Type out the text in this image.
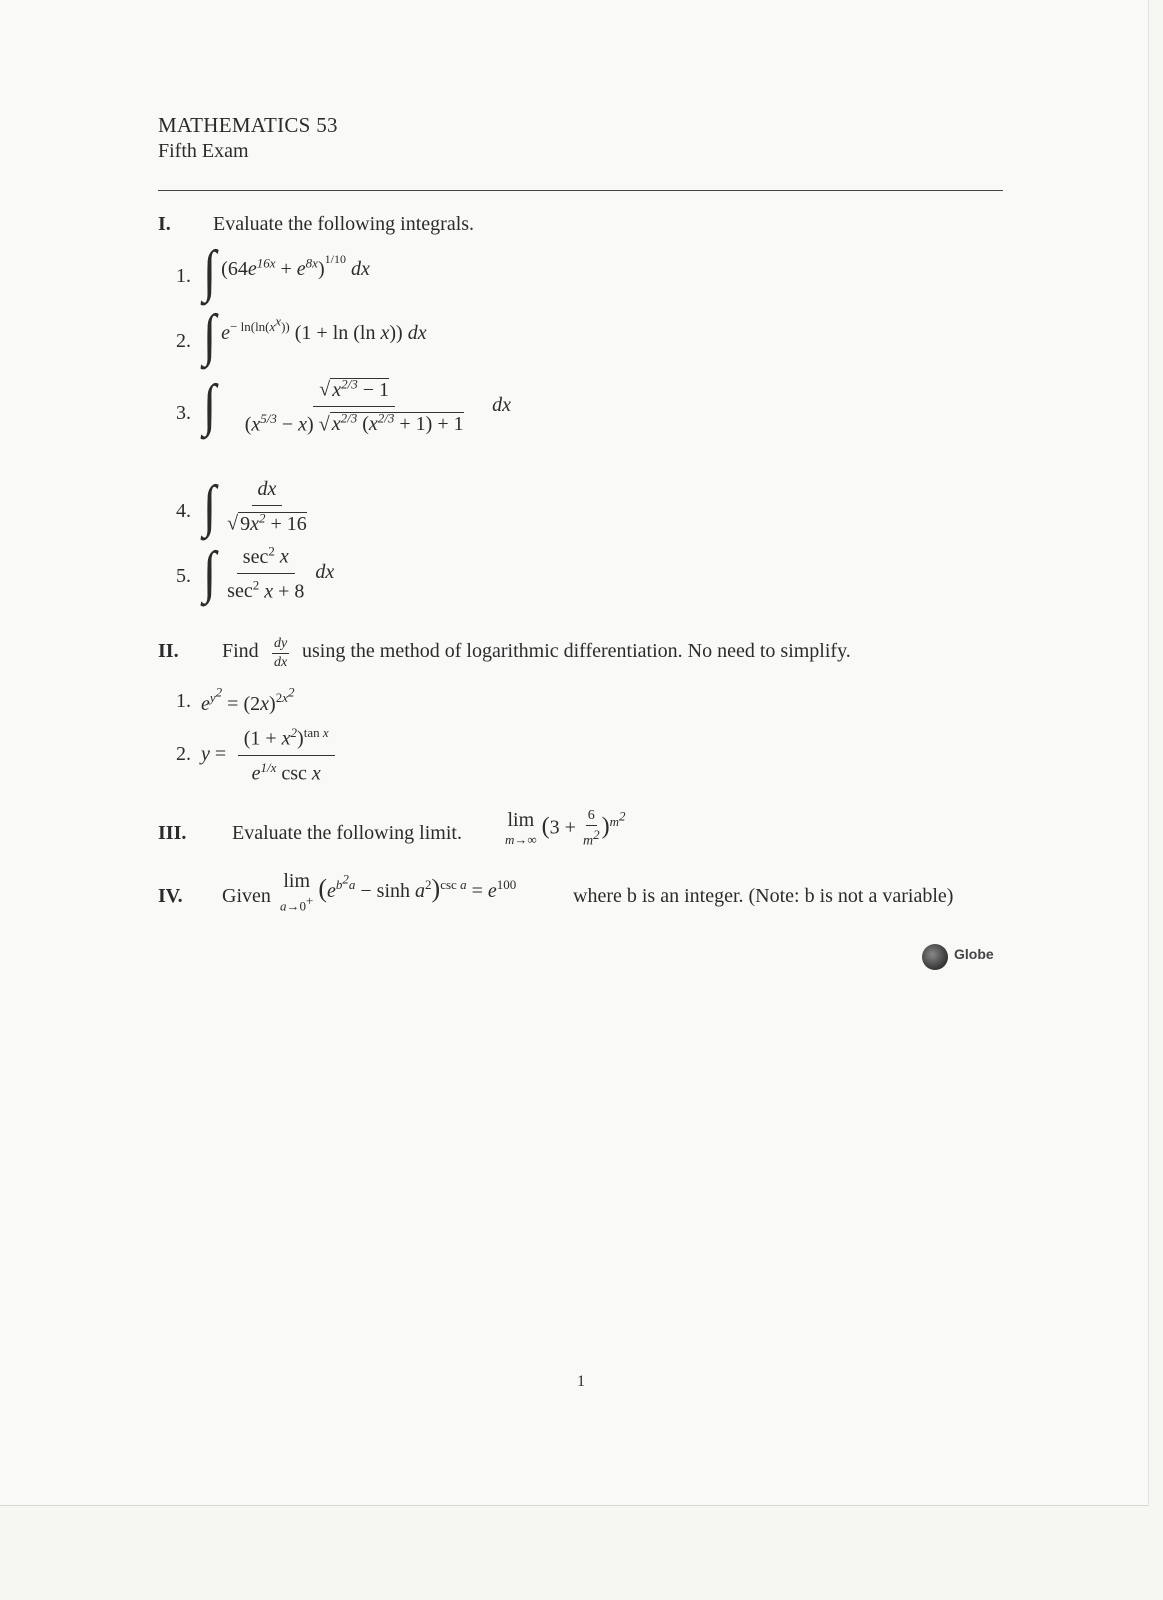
MATHEMATICS 53
Fifth Exam
I. Evaluate the following integrals.
1. ∫ $(64e^{16x} + e^{8x})^{1/10}$ dx
2. ∫ $e^{- ln(ln(x^x))}$ (1 + ln (ln x)) dx
3. ∫ $\frac{√ x^{2/3} - 1}{(x^{5/3} - x) √ x^{2/3} (x^{2/3} + 1) + 1}$ dx
4. ∫ $\frac{dx}{√ 9x^2 + 16}$
5. ∫ $\frac{\sec^2 x}{\sec^2 x + 8}$ dx
II. Find $\frac{dy}{dx}$ using the method of logarithmic differentiation. No need to simplify.
1. $e^{y^2} = (2x)^{2x^2}$
2. $y = \frac{(1 + x^2)^{tan x}}{e^{1/x} \csc x}$
III. Evaluate the following limit.
lim
m→∞
$(3 + \frac{6}{m^2} )^{m^2}$
IV. Given
lim
a→0+ $(e^{b^2a} - \sinh a^2)^{csc a} = e^{100}$
where b is an integer. (Note: b is not a variable)
Globe
1
